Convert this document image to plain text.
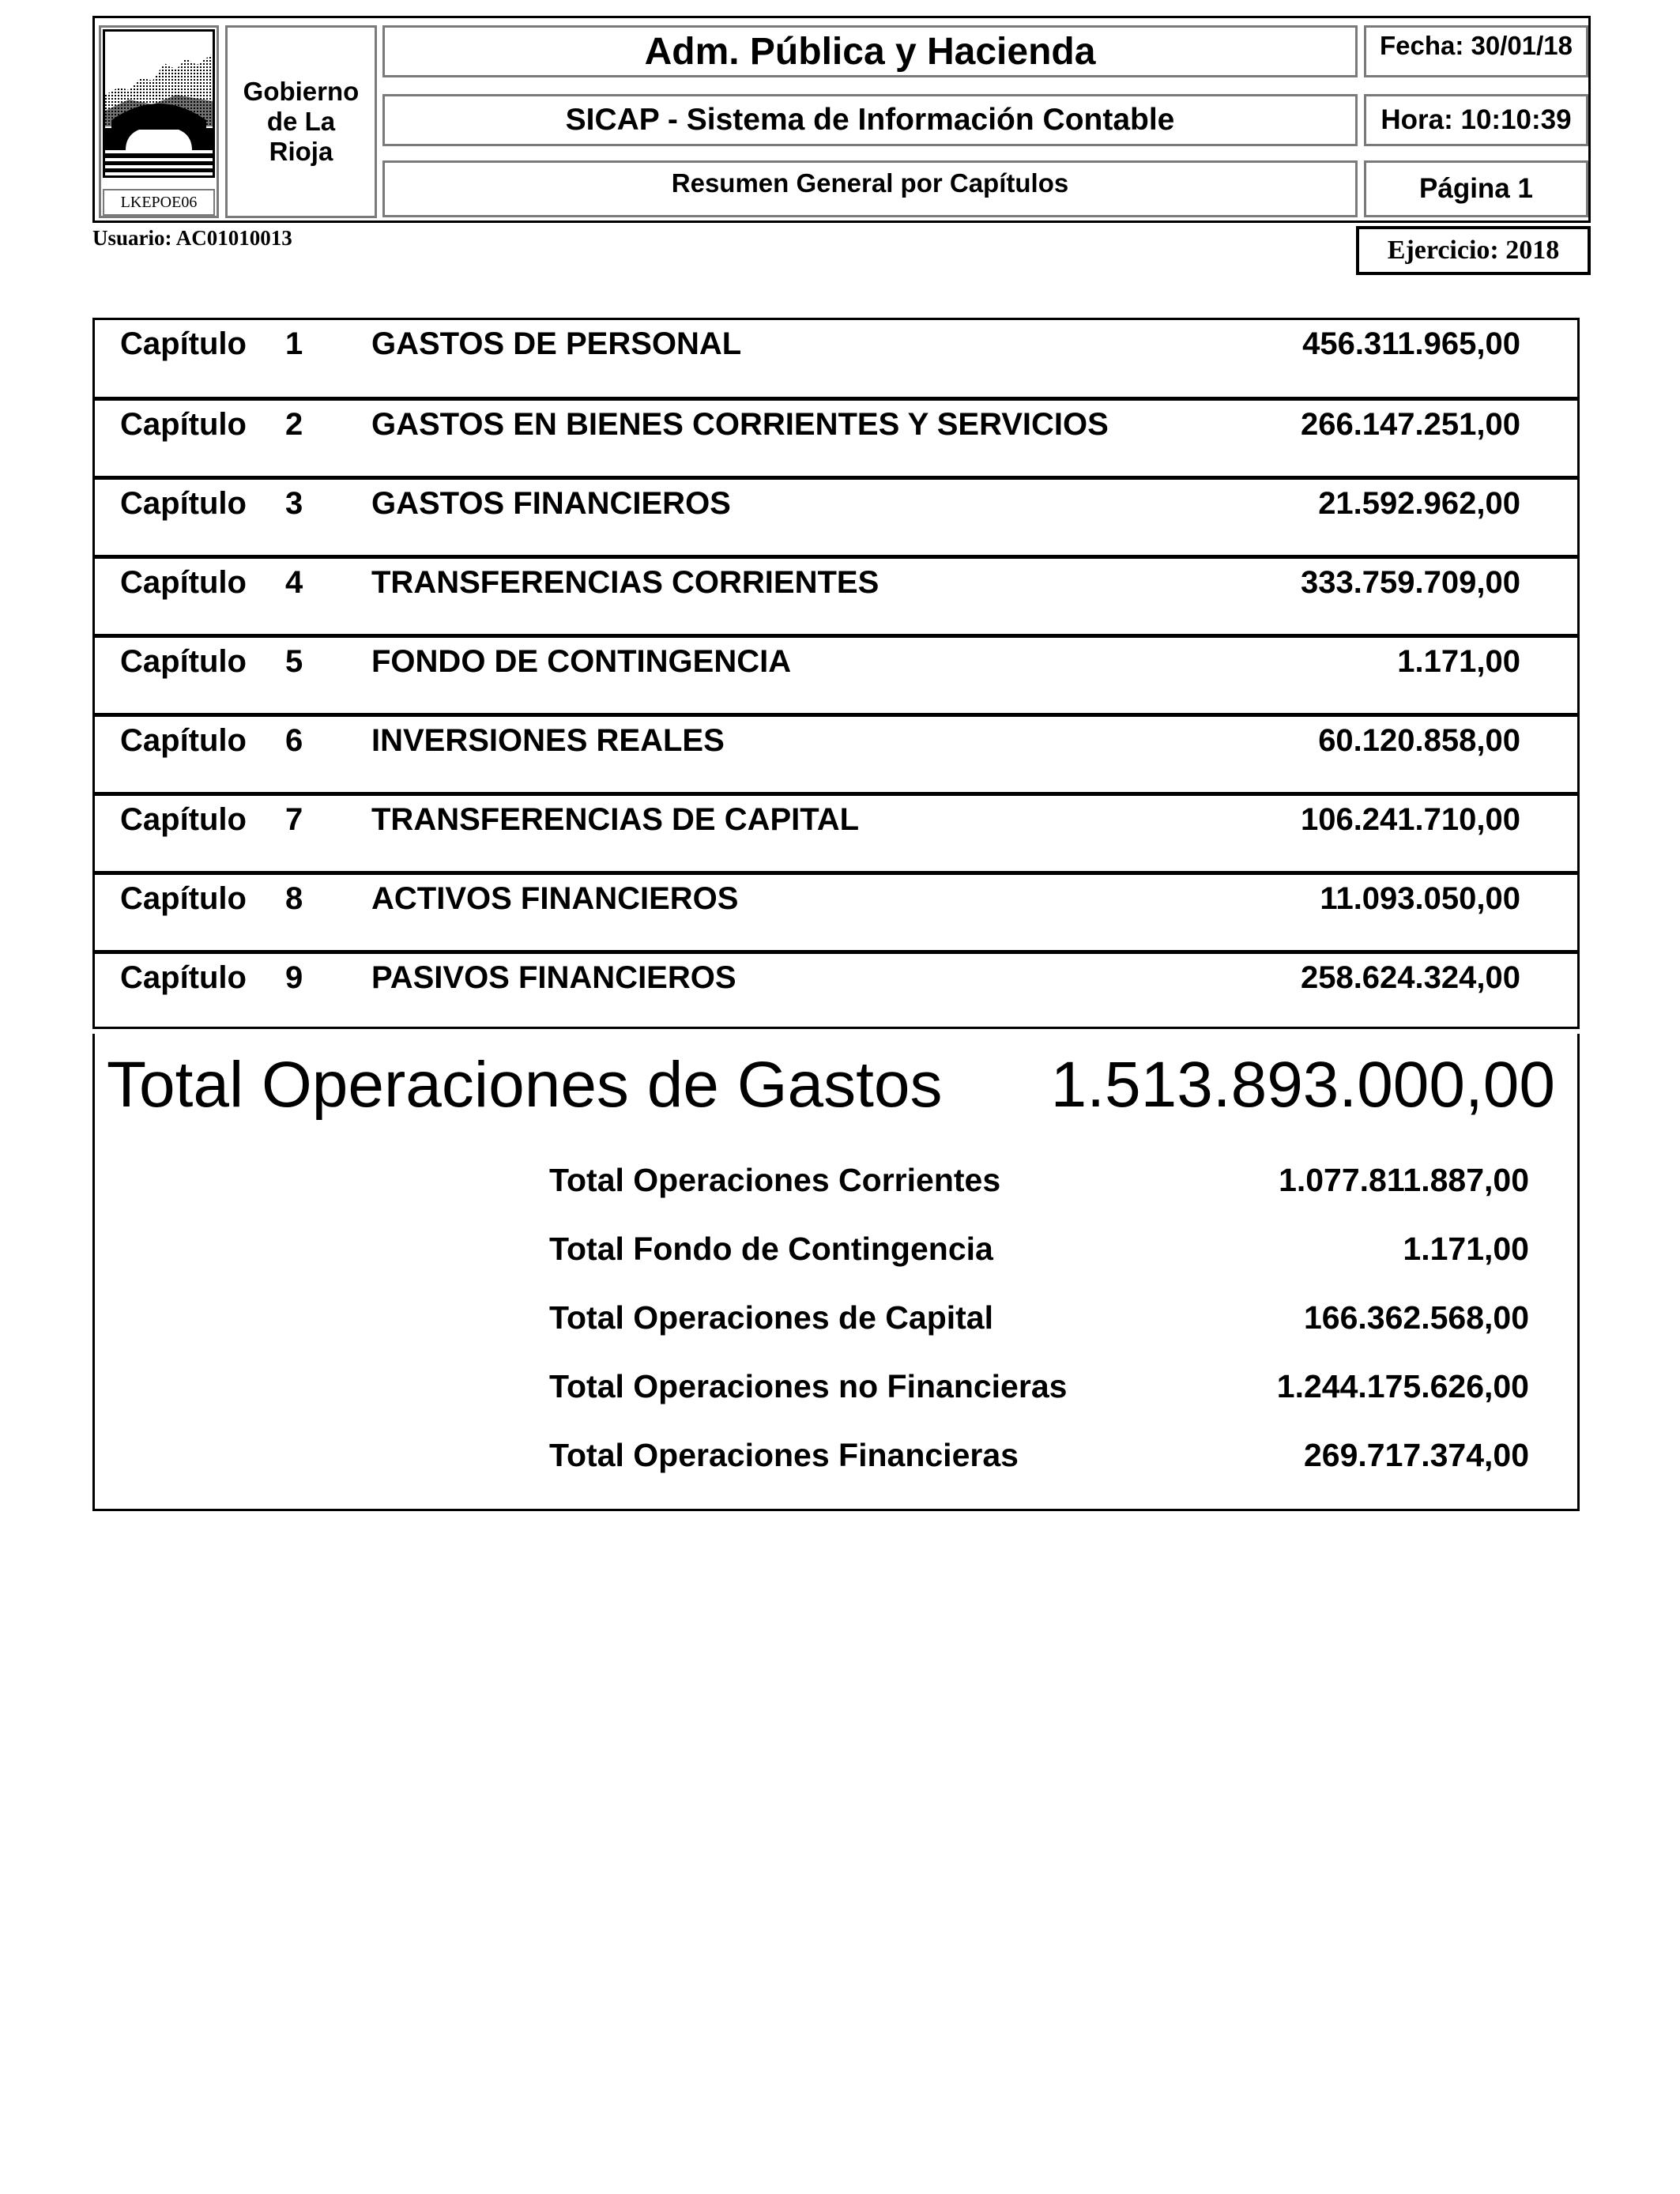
LKEPOE06
Gobierno
de La
Rioja
Adm. Pública y Hacienda
SICAP - Sistema de Información Contable
Resumen General por Capítulos
Fecha: 30/01/18
Hora: 10:10:39
Página 1
Usuario: AC01010013	Ejercicio: 2018
Capítulo 1 GASTOS DE PERSONAL	456.311.965,00
Capítulo 2 GASTOS EN BIENES CORRIENTES Y SERVICIOS	266.147.251,00
Capítulo 3 GASTOS FINANCIEROS	21.592.962,00
Capítulo 4 TRANSFERENCIAS CORRIENTES	333.759.709,00
Capítulo 5 FONDO DE CONTINGENCIA	1.171,00
Capítulo 6 INVERSIONES REALES	60.120.858,00
Capítulo 7 TRANSFERENCIAS DE CAPITAL	106.241.710,00
Capítulo 8 ACTIVOS FINANCIEROS	11.093.050,00
Capítulo 9 PASIVOS FINANCIEROS	258.624.324,00
Total Operaciones de Gastos 1.513.893.000,00
Total Operaciones Corrientes	1.077.811.887,00
Total Fondo de Contingencia	1.171,00
Total Operaciones de Capital	166.362.568,00
Total Operaciones no Financieras	1.244.175.626,00
Total Operaciones Financieras	269.717.374,00
